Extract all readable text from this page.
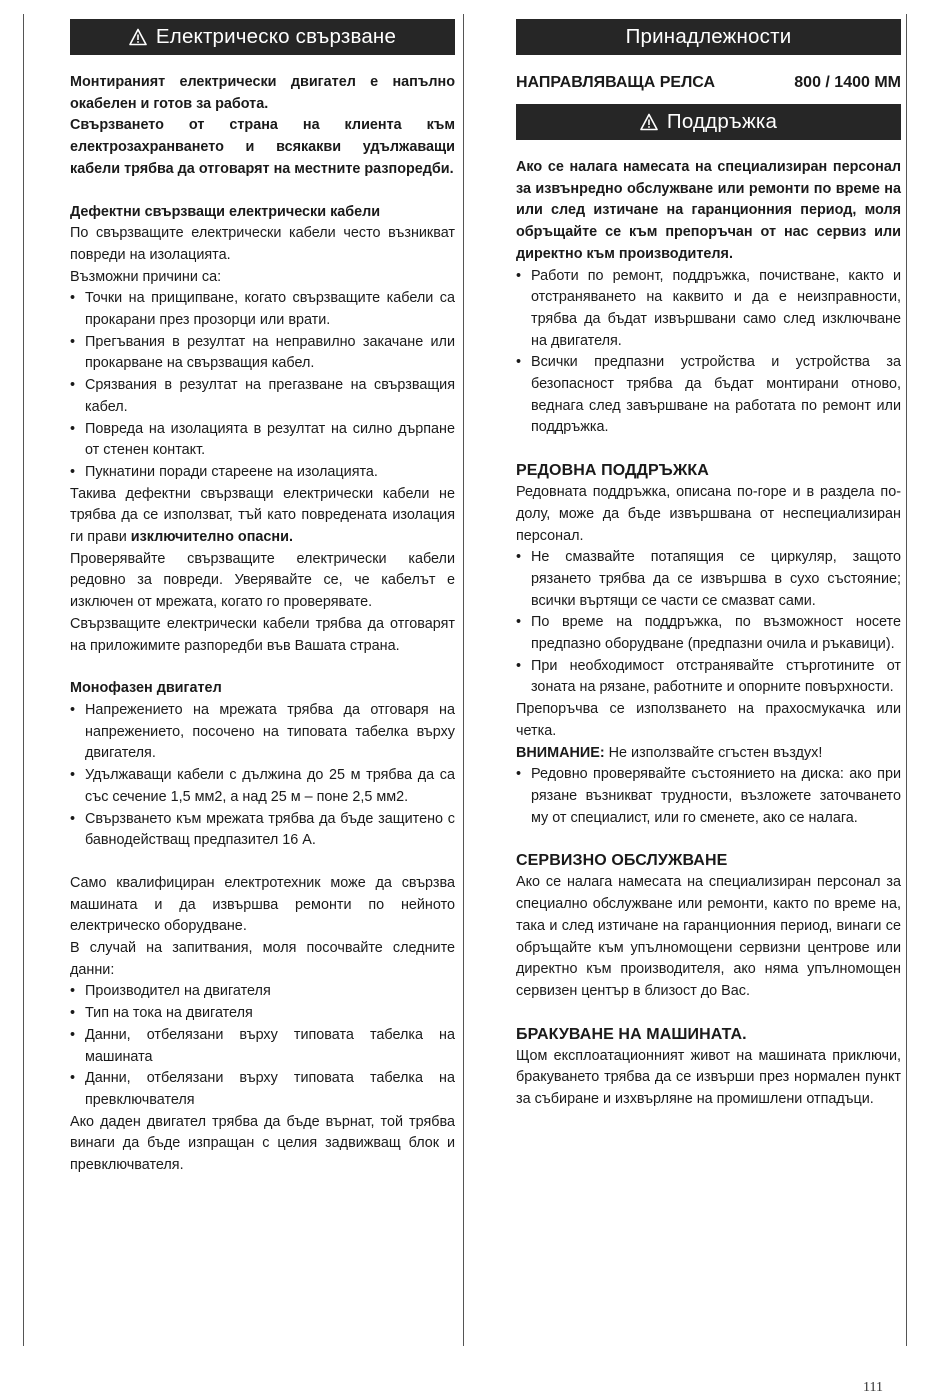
Електрическо свързване

Монтираният електрически двигател е напълно окабелен и готов за работа.

Свързването от страна на клиента към електрозахранването и всякакви удължаващи кабели трябва да отговарят на местните разпоредби.

Дефектни свързващи електрически кабели

По свързващите електрически кабели често възникват повреди на изолацията.

Възможни причини са:

• Точки на прищипване, когато свързващите кабели са прокарани през прозорци или врати.
• Прегъвания в резултат на неправилно закачане или прокарване на свързващия кабел.
• Срязвания в резултат на прегазване на свързващия кабел.
• Повреда на изолацията в резултат на силно дърпане от стенен контакт.
• Пукнатини поради стареене на изолацията.

Такива дефектни свързващи електрически кабели не трябва да се използват, тъй като повредената изолация ги прави изключително опасни.

Проверявайте свързващите електрически кабели редовно за повреди. Уверявайте се, че кабелът е изключен от мрежата, когато го проверявате.

Свързващите електрически кабели трябва да отговарят на приложимите разпоредби във Вашата страна.

Монофазен двигател

• Напрежението на мрежата трябва да отговаря на напрежението, посочено на типовата табелка върху двигателя.
• Удължаващи кабели с дължина до 25 м трябва да са със сечение 1,5 мм2, а над 25 м – поне 2,5 мм2.
• Свързването към мрежата трябва да бъде защитено с бавнодействащ предпазител 16 A.

Само квалифициран електротехник може да свързва машината и да извършва ремонти по нейното електрическо оборудване.

В случай на запитвания, моля посочвайте следните данни:

• Производител на двигателя
• Тип на тока на двигателя
• Данни, отбелязани върху типовата табелка на машината
• Данни, отбелязани върху типовата табелка на превключвателя

Ако даден двигател трябва да бъде върнат, той трябва винаги да бъде изпращан с целия задвижващ блок и превключвателя.

Принадлежности
НАПРАВЛЯВАЩА РЕЛСА	800 / 1400 MM
Поддръжка

Ако се налага намесата на специализиран персонал за извънредно обслужване или ремонти по време на или след изтичане на гаранционния период, моля обръщайте се към препоръчан от нас сервиз или директно към производителя.

• Работи по ремонт, поддръжка, почистване, както и отстраняването на каквито и да е неизправности, трябва да бъдат извършвани само след изключване на двигателя.
• Всички предпазни устройства и устройства за безопасност трябва да бъдат монтирани отново, веднага след завършване на работата по ремонт или поддръжка.

РЕДОВНА ПОДДРЪЖКА

Редовната поддръжка, описана по-горе и в раздела по-долу, може да бъде извършвана от неспециализиран персонал.

• Не смазвайте потапящия се циркуляр, защото рязането трябва да се извършва в сухо състояние; всички въртящи се части се смазват сами.
• По време на поддръжка, по възможност носете предпазно оборудване (предпазни очила и ръкавици).
• При необходимост отстранявайте стърготините от зоната на рязане, работните и опорните повърхности.

Препоръчва се използването на прахосмукачка или четка.

ВНИМАНИЕ: Не използвайте сгъстен въздух!

• Редовно проверявайте състоянието на диска: ако при рязане възникват трудности, възложете заточването му от специалист, или го сменете, ако се налага.

СЕРВИЗНО ОБСЛУЖВАНЕ

Ако се налага намесата на специализиран персонал за специално обслужване или ремонти, както по време на, така и след изтичане на гаранционния период, винаги се обръщайте към упълномощени сервизни центрове или директно към производителя, ако няма упълномощен сервизен център в близост до Вас.

БРАКУВАНЕ НА МАШИНАТА.

Щом експлоатационният живот на машината приключи, бракуването трябва да се извърши през нормален пункт за събиране и изхвърляне на промишлени отпадъци.

111
